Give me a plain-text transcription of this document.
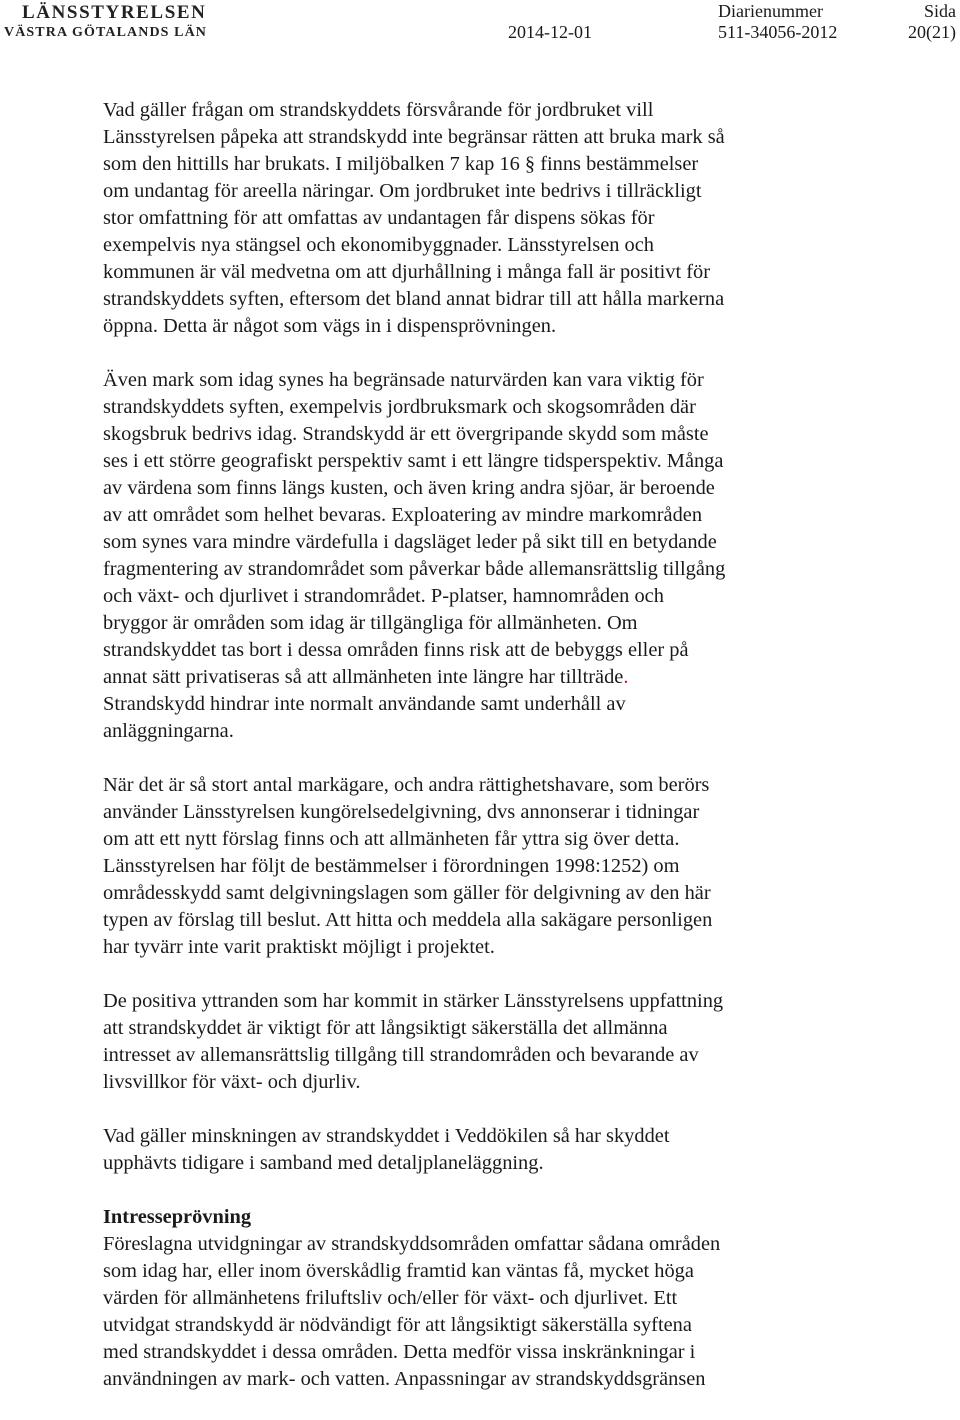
LÄNSSTYRELSEN
VÄSTRA GÖTALANDS LÄN	2014-12-01
Diarienummer
511-34056-2012
Sida
20(21)
Vad gäller frågan om strandskyddets försvårande för jordbruket vill
Länsstyrelsen påpeka att strandskydd inte begränsar rätten att bruka mark så
som den hittills har brukats. I miljöbalken 7 kap 16 § finns bestämmelser
om undantag för areella näringar. Om jordbruket inte bedrivs i tillräckligt
stor omfattning för att omfattas av undantagen får dispens sökas för
exempelvis nya stängsel och ekonomibyggnader. Länsstyrelsen och
kommunen är väl medvetna om att djurhållning i många fall är positivt för
strandskyddets syften, eftersom det bland annat bidrar till att hålla markerna
öppna. Detta är något som vägs in i dispensprövningen.
Även mark som idag synes ha begränsade naturvärden kan vara viktig för
strandskyddets syften, exempelvis jordbruksmark och skogsområden där
skogsbruk bedrivs idag. Strandskydd är ett övergripande skydd som måste
ses i ett större geografiskt perspektiv samt i ett längre tidsperspektiv. Många
av värdena som finns längs kusten, och även kring andra sjöar, är beroende
av att området som helhet bevaras. Exploatering av mindre markområden
som synes vara mindre värdefulla i dagsläget leder på sikt till en betydande
fragmentering av strandområdet som påverkar både allemansrättslig tillgång
och växt- och djurlivet i strandområdet. P-platser, hamnområden och
bryggor är områden som idag är tillgängliga för allmänheten. Om
strandskyddet tas bort i dessa områden finns risk att de bebyggs eller på
annat sätt privatiseras så att allmänheten inte längre har tillträde.
Strandskydd hindrar inte normalt användande samt underhåll av
anläggningarna.
När det är så stort antal markägare, och andra rättighetshavare, som berörs
använder Länsstyrelsen kungörelsedelgivning, dvs annonserar i tidningar
om att ett nytt förslag finns och att allmänheten får yttra sig över detta.
Länsstyrelsen har följt de bestämmelser i förordningen 1998:1252) om
områdesskydd samt delgivningslagen som gäller för delgivning av den här
typen av förslag till beslut. Att hitta och meddela alla sakägare personligen
har tyvärr inte varit praktiskt möjligt i projektet.
De positiva yttranden som har kommit in stärker Länsstyrelsens uppfattning
att strandskyddet är viktigt för att långsiktigt säkerställa det allmänna
intresset av allemansrättslig tillgång till strandområden och bevarande av
livsvillkor för växt- och djurliv.
Vad gäller minskningen av strandskyddet i Veddökilen så har skyddet
upphävts tidigare i samband med detaljplaneläggning.
Intresseprövning
Föreslagna utvidgningar av strandskyddsområden omfattar sådana områden
som idag har, eller inom överskådlig framtid kan väntas få, mycket höga
värden för allmänhetens friluftsliv och/eller för växt- och djurlivet. Ett
utvidgat strandskydd är nödvändigt för att långsiktigt säkerställa syftena
med strandskyddet i dessa områden. Detta medför vissa inskränkningar i
användningen av mark- och vatten. Anpassningar av strandskyddsgränsen
